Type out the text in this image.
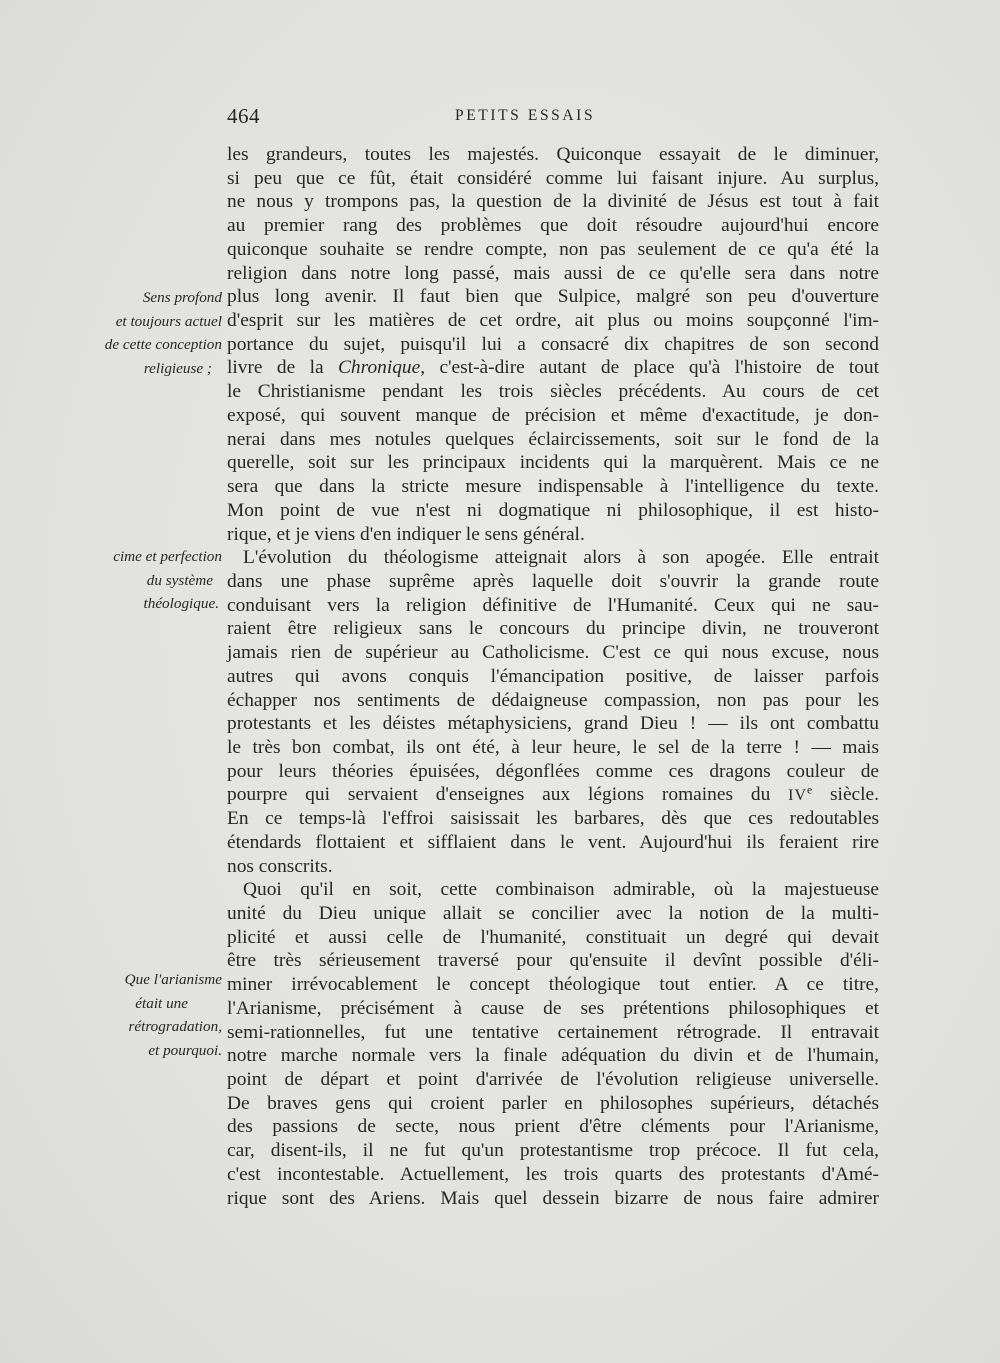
464	PETITS ESSAIS
Sens profond
et toujours actuel
de cette conception
religieuse ;
cime et perfection
du système
théologique.
Que l'arianisme
était une
rétrogradation,
et pourquoi.
les grandeurs, toutes les majestés. Quiconque essayait de le diminuer,
si peu que ce fût, était considéré comme lui faisant injure. Au surplus,
ne nous y trompons pas, la question de la divinité de Jésus est tout à fait
au premier rang des problèmes que doit résoudre aujourd'hui encore
quiconque souhaite se rendre compte, non pas seulement de ce qu'a été la
religion dans notre long passé, mais aussi de ce qu'elle sera dans notre
plus long avenir. Il faut bien que Sulpice, malgré son peu d'ouverture
d'esprit sur les matières de cet ordre, ait plus ou moins soupçonné l'im-
portance du sujet, puisqu'il lui a consacré dix chapitres de son second
livre de la Chronique, c'est-à-dire autant de place qu'à l'histoire de tout
le Christianisme pendant les trois siècles précédents. Au cours de cet
exposé, qui souvent manque de précision et même d'exactitude, je don-
nerai dans mes notules quelques éclaircissements, soit sur le fond de la
querelle, soit sur les principaux incidents qui la marquèrent. Mais ce ne
sera que dans la stricte mesure indispensable à l'intelligence du texte.
Mon point de vue n'est ni dogmatique ni philosophique, il est histo-
rique, et je viens d'en indiquer le sens général.
L'évolution du théologisme atteignait alors à son apogée. Elle entrait
dans une phase suprême après laquelle doit s'ouvrir la grande route
conduisant vers la religion définitive de l'Humanité. Ceux qui ne sau-
raient être religieux sans le concours du principe divin, ne trouveront
jamais rien de supérieur au Catholicisme. C'est ce qui nous excuse, nous
autres qui avons conquis l'émancipation positive, de laisser parfois
échapper nos sentiments de dédaigneuse compassion, non pas pour les
protestants et les déistes métaphysiciens, grand Dieu ! — ils ont combattu
le très bon combat, ils ont été, à leur heure, le sel de la terre ! — mais
pour leurs théories épuisées, dégonflées comme ces dragons couleur de
pourpre qui servaient d'enseignes aux légions romaines du IVe siècle.
En ce temps-là l'effroi saisissait les barbares, dès que ces redoutables
étendards flottaient et sifflaient dans le vent. Aujourd'hui ils feraient rire
nos conscrits.
Quoi qu'il en soit, cette combinaison admirable, où la majestueuse
unité du Dieu unique allait se concilier avec la notion de la multi-
plicité et aussi celle de l'humanité, constituait un degré qui devait
être très sérieusement traversé pour qu'ensuite il devînt possible d'éli-
miner irrévocablement le concept théologique tout entier. A ce titre,
l'Arianisme, précisément à cause de ses prétentions philosophiques et
semi-rationnelles, fut une tentative certainement rétrograde. Il entravait
notre marche normale vers la finale adéquation du divin et de l'humain,
point de départ et point d'arrivée de l'évolution religieuse universelle.
De braves gens qui croient parler en philosophes supérieurs, détachés
des passions de secte, nous prient d'être cléments pour l'Arianisme,
car, disent-ils, il ne fut qu'un protestantisme trop précoce. Il fut cela,
c'est incontestable. Actuellement, les trois quarts des protestants d'Amé-
rique sont des Ariens. Mais quel dessein bizarre de nous faire admirer
